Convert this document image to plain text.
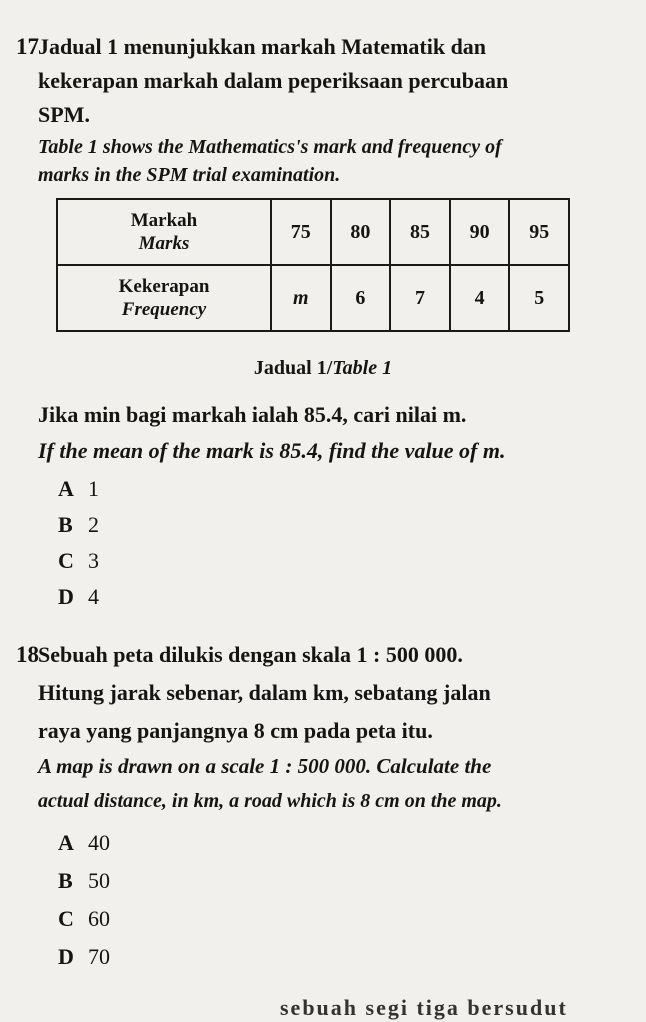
17 Jadual 1 menunjukkan markah Matematik dan
kekerapan markah dalam peperiksaan percubaan
SPM.
Table 1 shows the Mathematics's mark and frequency of
marks in the SPM trial examination.
Markah
Marks	75	80	85	90	95
Kekerapan
Frequency	m	6	7	4	5
Jadual 1/Table 1
Jika min bagi markah ialah 85.4, cari nilai m.
If the mean of the mark is 85.4, find the value of m.
A 1
B 2
C 3
D 4
18 Sebuah peta dilukis dengan skala 1 : 500 000.
Hitung jarak sebenar, dalam km, sebatang jalan
raya yang panjangnya 8 cm pada peta itu.
A map is drawn on a scale 1 : 500 000. Calculate the
actual distance, in km, a road which is 8 cm on the map.
A 40
B 50
C 60
D 70
sebuah segi tiga bersudut
